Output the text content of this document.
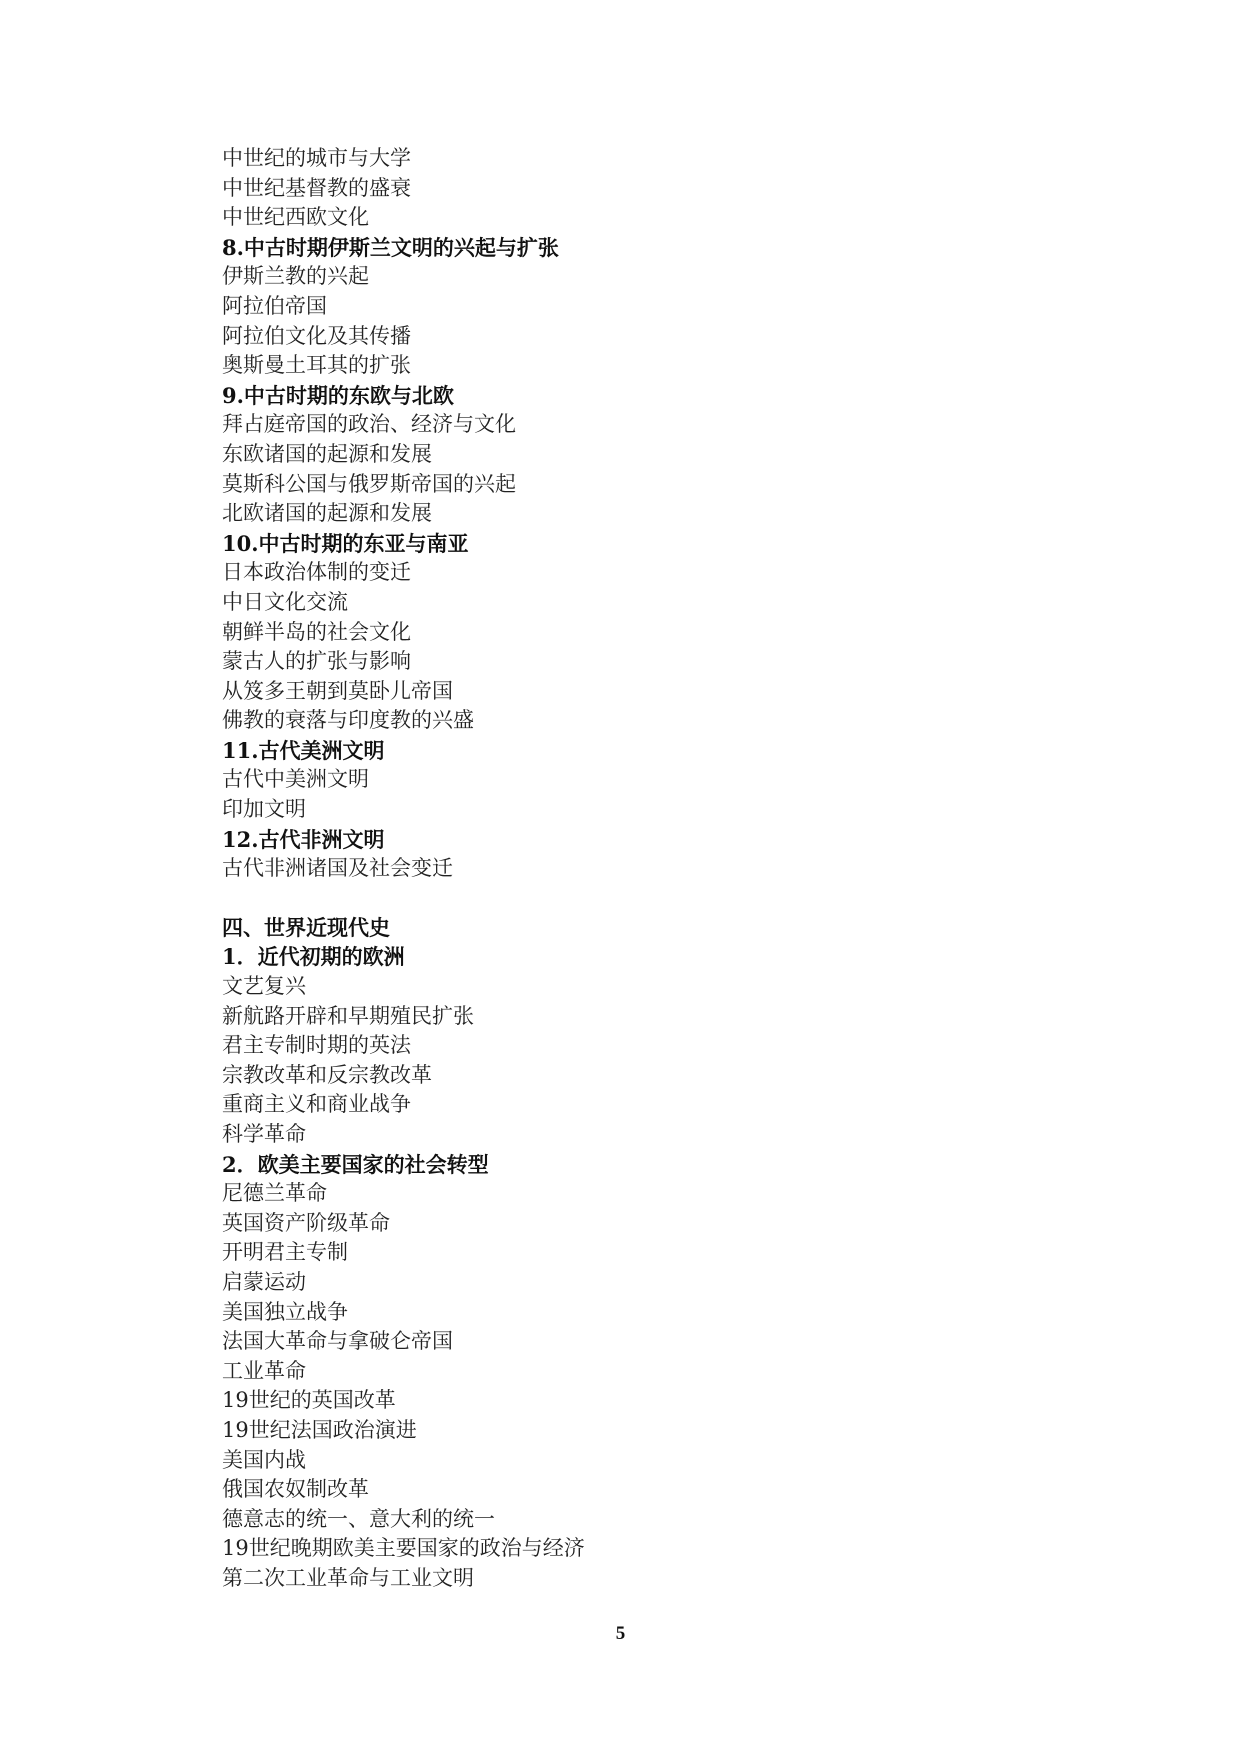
中世纪的城市与大学
中世纪基督教的盛衰
中世纪西欧文化
8.中古时期伊斯兰文明的兴起与扩张
伊斯兰教的兴起
阿拉伯帝国
阿拉伯文化及其传播
奥斯曼土耳其的扩张
9.中古时期的东欧与北欧
拜占庭帝国的政治、经济与文化
东欧诸国的起源和发展
莫斯科公国与俄罗斯帝国的兴起
北欧诸国的起源和发展
10.中古时期的东亚与南亚
日本政治体制的变迁
中日文化交流
朝鲜半岛的社会文化
蒙古人的扩张与影响
从笈多王朝到莫卧儿帝国
佛教的衰落与印度教的兴盛
11.古代美洲文明
古代中美洲文明
印加文明
12.古代非洲文明
古代非洲诸国及社会变迁
四、世界近现代史
1．近代初期的欧洲
文艺复兴
新航路开辟和早期殖民扩张
君主专制时期的英法
宗教改革和反宗教改革
重商主义和商业战争
科学革命
2．欧美主要国家的社会转型
尼德兰革命
英国资产阶级革命
开明君主专制
启蒙运动
美国独立战争
法国大革命与拿破仑帝国
工业革命
19世纪的英国改革
19世纪法国政治演进
美国内战
俄国农奴制改革
德意志的统一、意大利的统一
19世纪晚期欧美主要国家的政治与经济
第二次工业革命与工业文明
5
